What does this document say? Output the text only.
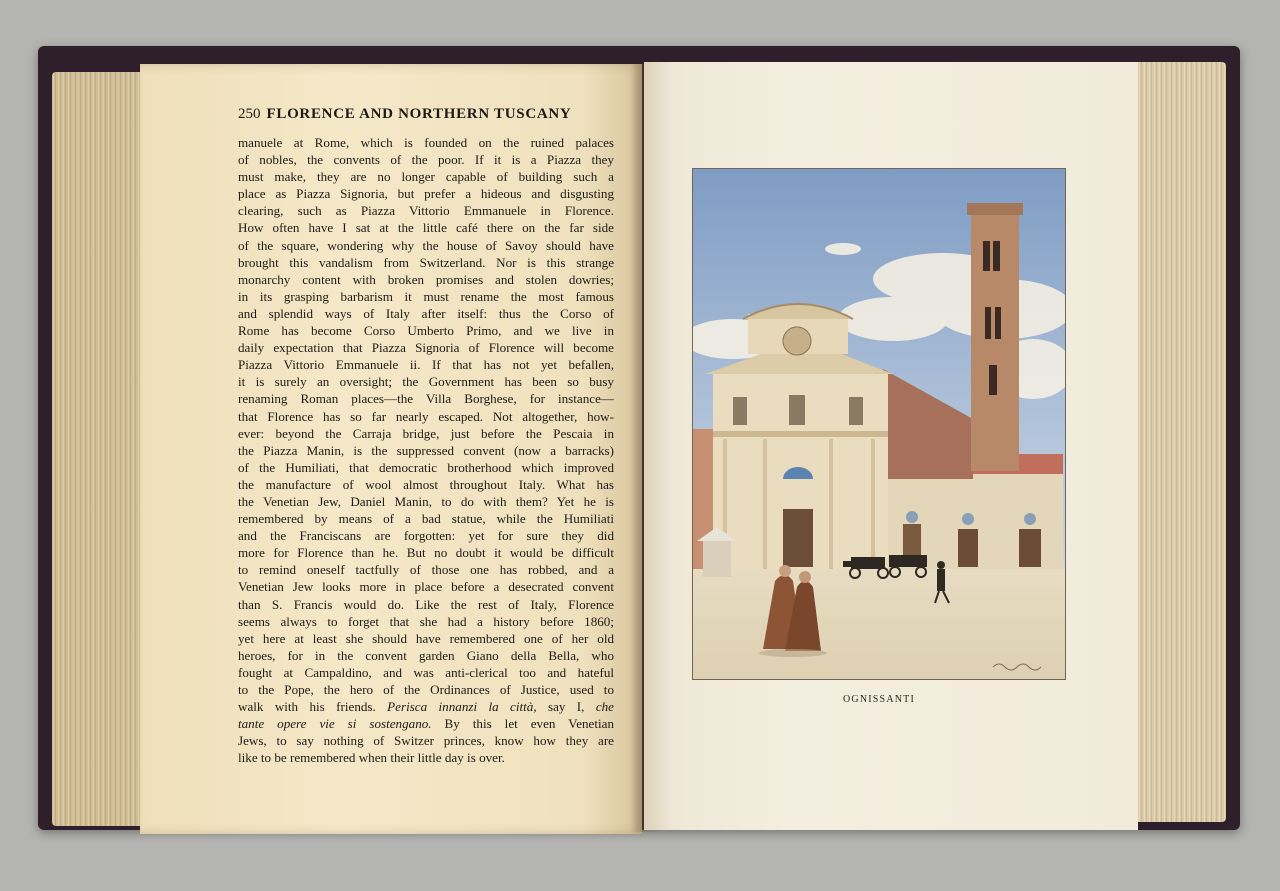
250 FLORENCE AND NORTHERN TUSCANY
manuele at Rome, which is founded on the ruined palaces
of nobles, the convents of the poor. If it is a Piazza they
must make, they are no longer capable of building such a
place as Piazza Signoria, but prefer a hideous and disgusting
clearing, such as Piazza Vittorio Emmanuele in Florence.
How often have I sat at the little café there on the far side
of the square, wondering why the house of Savoy should have
brought this vandalism from Switzerland. Nor is this strange
monarchy content with broken promises and stolen dowries;
in its grasping barbarism it must rename the most famous
and splendid ways of Italy after itself: thus the Corso of
Rome has become Corso Umberto Primo, and we live in
daily expectation that Piazza Signoria of Florence will become
Piazza Vittorio Emmanuele ii. If that has not yet befallen,
it is surely an oversight; the Government has been so busy
renaming Roman places—the Villa Borghese, for instance—
that Florence has so far nearly escaped. Not altogether, how-
ever: beyond the Carraja bridge, just before the Pescaia in
the Piazza Manin, is the suppressed convent (now a barracks)
of the Humiliati, that democratic brotherhood which improved
the manufacture of wool almost throughout Italy. What has
the Venetian Jew, Daniel Manin, to do with them? Yet he is
remembered by means of a bad statue, while the Humiliati
and the Franciscans are forgotten: yet for sure they did
more for Florence than he. But no doubt it would be difficult
to remind oneself tactfully of those one has robbed, and a
Venetian Jew looks more in place before a desecrated convent
than S. Francis would do. Like the rest of Italy, Florence
seems always to forget that she had a history before 1860;
yet here at least she should have remembered one of her old
heroes, for in the convent garden Giano della Bella, who
fought at Campaldino, and was anti-clerical too and hateful
to the Pope, the hero of the Ordinances of Justice, used to
walk with his friends. Perisca innanzi la città, say I, che
tante opere vie si sostengano. By this let even Venetian
Jews, to say nothing of Switzer princes, know how they are
like to be remembered when their little day is over.
OGNISSANTI
